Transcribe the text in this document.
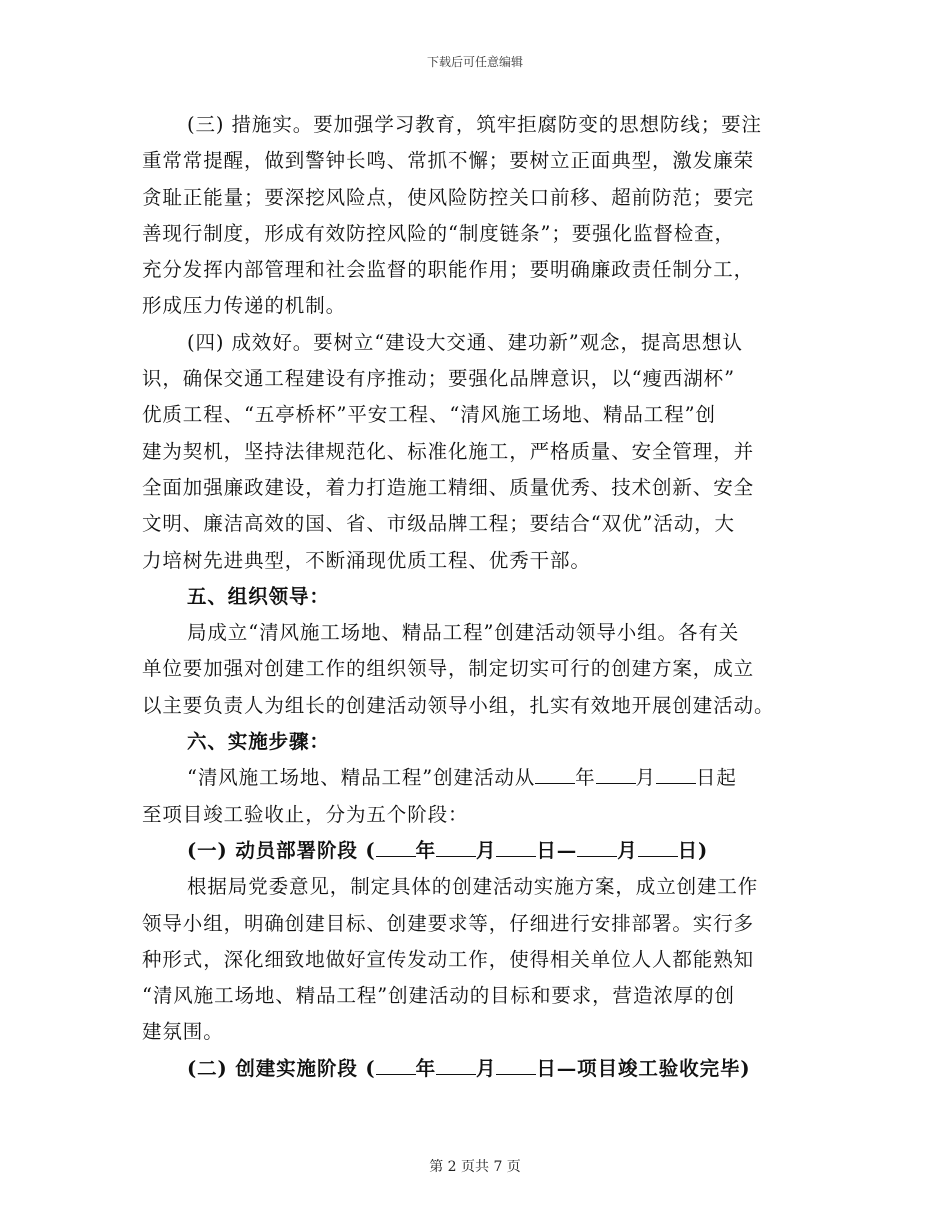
下载后可任意编辑
(三) 措施实。要加强学习教育，筑牢拒腐防变的思想防线；要注
重常常提醒，做到警钟长鸣、常抓不懈；要树立正面典型，激发廉荣
贪耻正能量；要深挖风险点，使风险防控关口前移、超前防范；要完
善现行制度，形成有效防控风险的“制度链条”；要强化监督检查，
充分发挥内部管理和社会监督的职能作用；要明确廉政责任制分工，
形成压力传递的机制。
(四) 成效好。要树立“建设大交通、建功新”观念，提高思想认
识，确保交通工程建设有序推动；要强化品牌意识，以“瘦西湖杯”
优质工程、“五亭桥杯”平安工程、“清风施工场地、精品工程”创
建为契机，坚持法律规范化、标准化施工，严格质量、安全管理，并
全面加强廉政建设，着力打造施工精细、质量优秀、技术创新、安全
文明、廉洁高效的国、省、市级品牌工程；要结合“双优”活动，大
力培树先进典型，不断涌现优质工程、优秀干部。
五、组织领导：
局成立“清风施工场地、精品工程”创建活动领导小组。各有关
单位要加强对创建工作的组织领导，制定切实可行的创建方案，成立
以主要负责人为组长的创建活动领导小组，扎实有效地开展创建活动。
六、实施步骤：
“清风施工场地、精品工程”创建活动从 年 月 日起
至项目竣工验收止，分为五个阶段：
(一) 动员部署阶段 ( 年 月 日— 月 日)
根据局党委意见，制定具体的创建活动实施方案，成立创建工作
领导小组，明确创建目标、创建要求等，仔细进行安排部署。实行多
种形式，深化细致地做好宣传发动工作，使得相关单位人人都能熟知
“清风施工场地、精品工程”创建活动的目标和要求，营造浓厚的创
建氛围。
(二) 创建实施阶段 ( 年 月 日—项目竣工验收完毕)
第 2 页共 7 页
